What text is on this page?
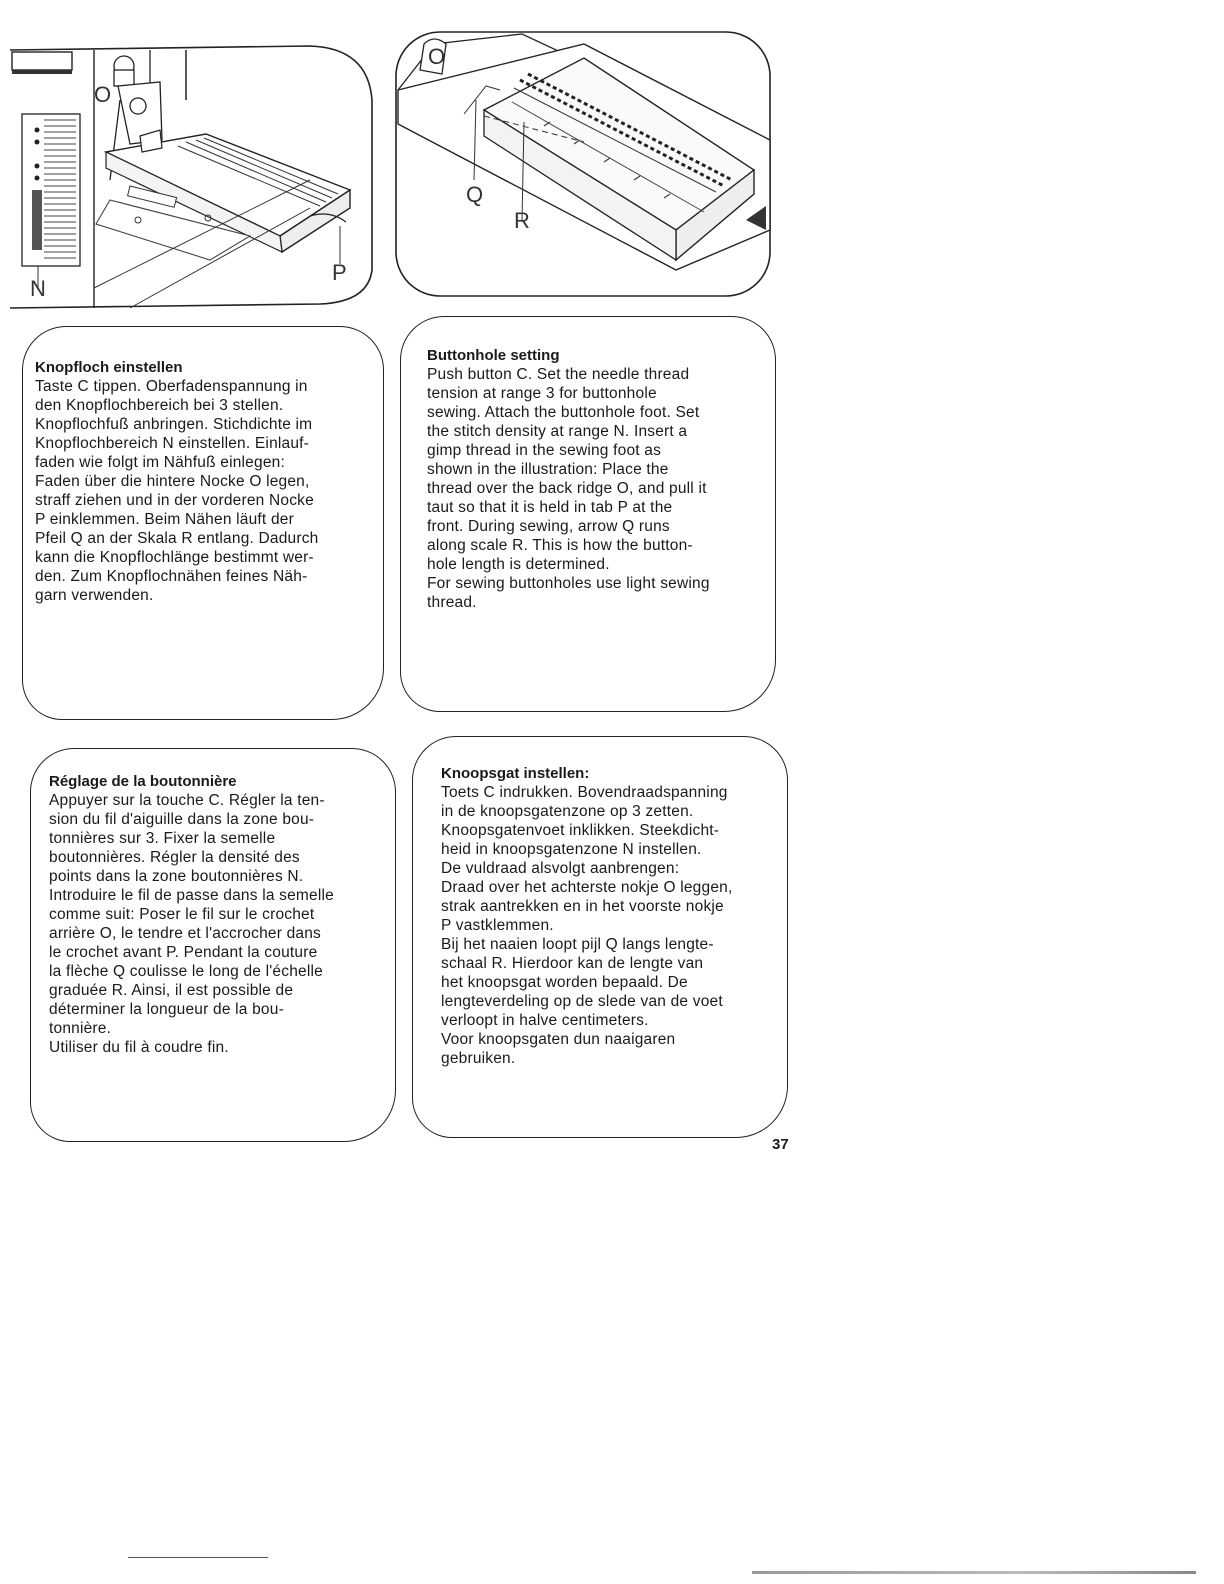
O
N
P
O
Q
R
Knopfloch einstellen
Taste C tippen. Oberfadenspannung in
den Knopflochbereich bei 3 stellen.
Knopflochfuß anbringen. Stichdichte im
Knopflochbereich N einstellen. Einlauf-
faden wie folgt im Nähfuß einlegen:
Faden über die hintere Nocke O legen,
straff ziehen und in der vorderen Nocke
P einklemmen. Beim Nähen läuft der
Pfeil Q an der Skala R entlang. Dadurch
kann die Knopflochlänge bestimmt wer-
den. Zum Knopflochnähen feines Näh-
garn verwenden.
Buttonhole setting
Push button C. Set the needle thread
tension at range 3 for buttonhole
sewing. Attach the buttonhole foot. Set
the stitch density at range N. Insert a
gimp thread in the sewing foot as
shown in the illustration: Place the
thread over the back ridge O, and pull it
taut so that it is held in tab P at the
front. During sewing, arrow Q runs
along scale R. This is how the button-
hole length is determined.
For sewing buttonholes use light sewing
thread.
Réglage de la boutonnière
Appuyer sur la touche C. Régler la ten-
sion du fil d'aiguille dans la zone bou-
tonnières sur 3. Fixer la semelle
boutonnières. Régler la densité des
points dans la zone boutonnières N.
Introduire le fil de passe dans la semelle
comme suit: Poser le fil sur le crochet
arrière O, le tendre et l'accrocher dans
le crochet avant P. Pendant la couture
la flèche Q coulisse le long de l'échelle
graduée R. Ainsi, il est possible de
déterminer la longueur de la bou-
tonnière.
Utiliser du fil à coudre fin.
Knoopsgat instellen:
Toets C indrukken. Bovendraadspanning
in de knoopsgatenzone op 3 zetten.
Knoopsgatenvoet inklikken. Steekdicht-
heid in knoopsgatenzone N instellen.
De vuldraad alsvolgt aanbrengen:
Draad over het achterste nokje O leggen,
strak aantrekken en in het voorste nokje
P vastklemmen.
Bij het naaien loopt pijl Q langs lengte-
schaal R. Hierdoor kan de lengte van
het knoopsgat worden bepaald. De
lengteverdeling op de slede van de voet
verloopt in halve centimeters.
Voor knoopsgaten dun naaigaren
gebruiken.
37
